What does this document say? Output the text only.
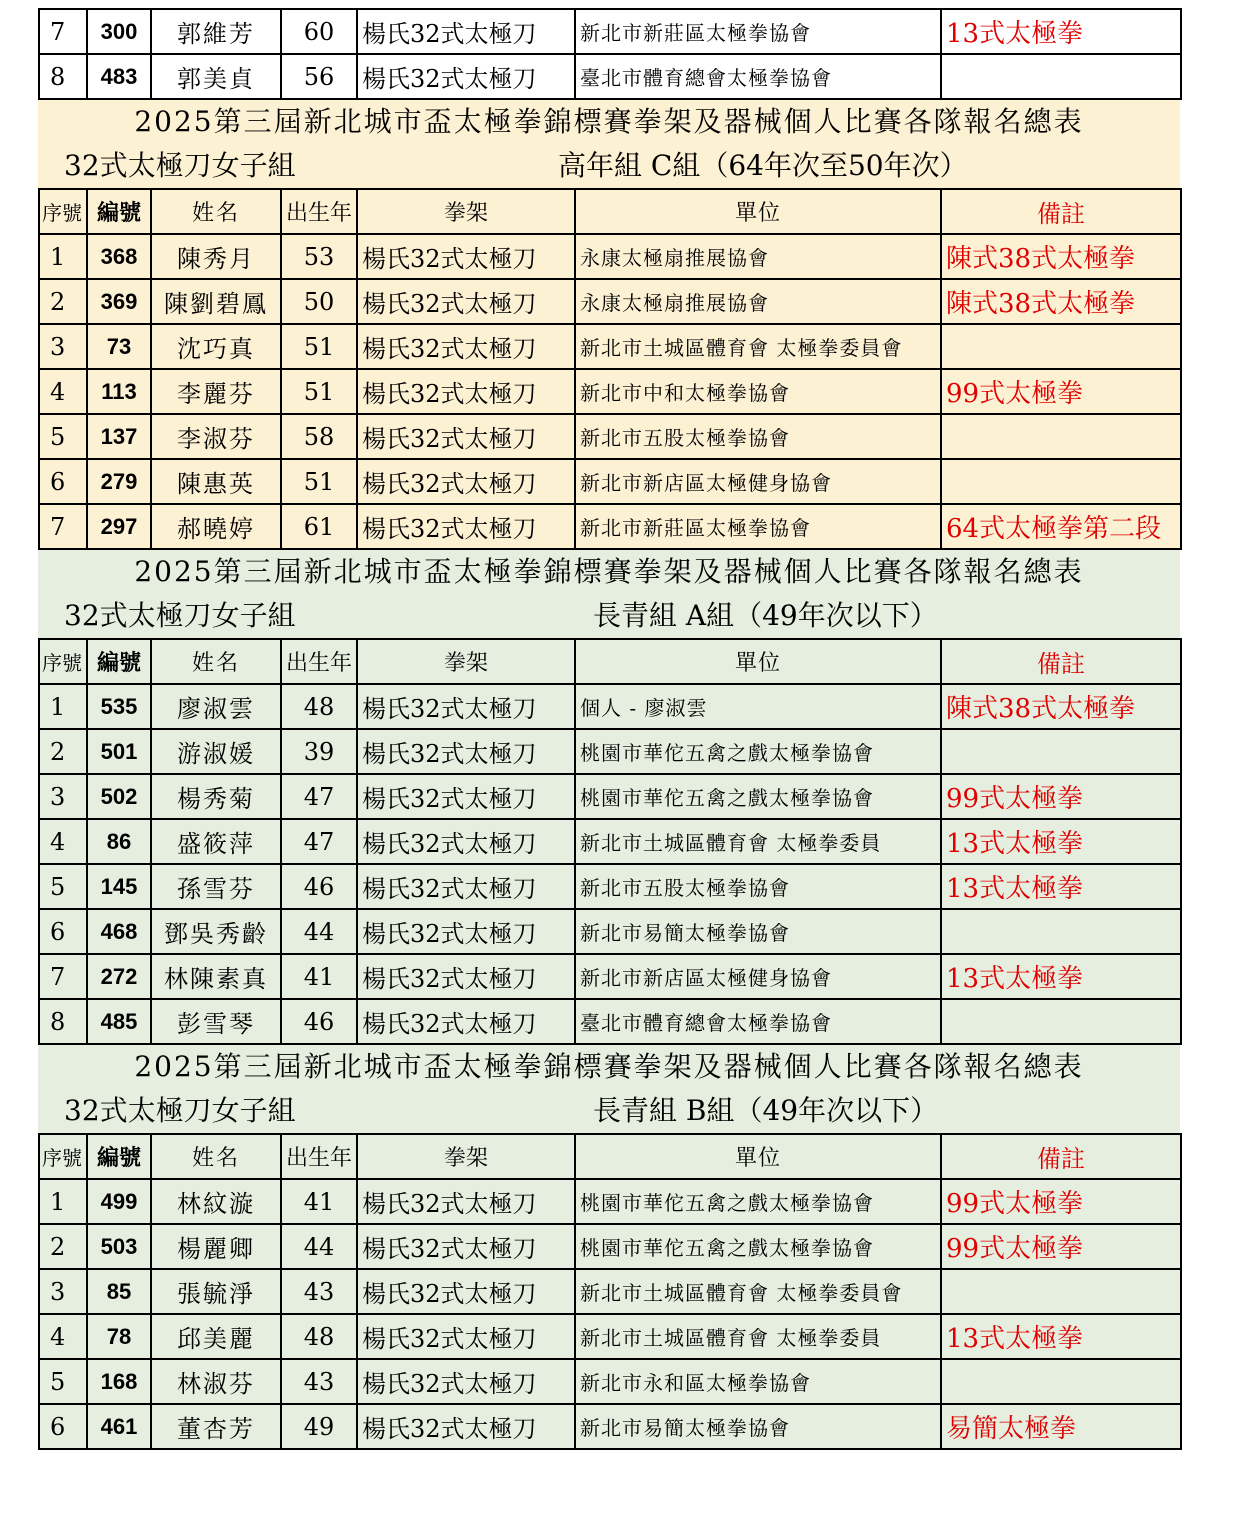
7	300	郭維芳	60	楊氏32式太極刀	新北市新莊區太極拳協會	13式太極拳
8	483	郭美貞	56	楊氏32式太極刀	臺北市體育總會太極拳協會	
2025第三屆新北城市盃太極拳錦標賽拳架及器械個人比賽各隊報名總表
32式太極刀女子組	高年組 C組（64年次至50年次）
序號	編號	姓名	出生年	拳架	單位	備註
1	368	陳秀月	53	楊氏32式太極刀	永康太極扇推展協會	陳式38式太極拳
2	369	陳劉碧鳳	50	楊氏32式太極刀	永康太極扇推展協會	陳式38式太極拳
3	73	沈巧真	51	楊氏32式太極刀	新北市土城區體育會 太極拳委員會	
4	113	李麗芬	51	楊氏32式太極刀	新北市中和太極拳協會	99式太極拳
5	137	李淑芬	58	楊氏32式太極刀	新北市五股太極拳協會	
6	279	陳惠英	51	楊氏32式太極刀	新北市新店區太極健身協會	
7	297	郝曉婷	61	楊氏32式太極刀	新北市新莊區太極拳協會	64式太極拳第二段
2025第三屆新北城市盃太極拳錦標賽拳架及器械個人比賽各隊報名總表
32式太極刀女子組	長青組 A組（49年次以下）
序號	編號	姓名	出生年	拳架	單位	備註
1	535	廖淑雲	48	楊氏32式太極刀	個人 - 廖淑雲	陳式38式太極拳
2	501	游淑媛	39	楊氏32式太極刀	桃園市華佗五禽之戲太極拳協會	
3	502	楊秀菊	47	楊氏32式太極刀	桃園市華佗五禽之戲太極拳協會	99式太極拳
4	86	盛筱萍	47	楊氏32式太極刀	新北市土城區體育會 太極拳委員	13式太極拳
5	145	孫雪芬	46	楊氏32式太極刀	新北市五股太極拳協會	13式太極拳
6	468	鄧吳秀齡	44	楊氏32式太極刀	新北市易簡太極拳協會	
7	272	林陳素真	41	楊氏32式太極刀	新北市新店區太極健身協會	13式太極拳
8	485	彭雪琴	46	楊氏32式太極刀	臺北市體育總會太極拳協會	
2025第三屆新北城市盃太極拳錦標賽拳架及器械個人比賽各隊報名總表
32式太極刀女子組	長青組 B組（49年次以下）
序號	編號	姓名	出生年	拳架	單位	備註
1	499	林紋漩	41	楊氏32式太極刀	桃園市華佗五禽之戲太極拳協會	99式太極拳
2	503	楊麗卿	44	楊氏32式太極刀	桃園市華佗五禽之戲太極拳協會	99式太極拳
3	85	張毓淨	43	楊氏32式太極刀	新北市土城區體育會 太極拳委員會	
4	78	邱美麗	48	楊氏32式太極刀	新北市土城區體育會 太極拳委員	13式太極拳
5	168	林淑芬	43	楊氏32式太極刀	新北市永和區太極拳協會	
6	461	董杏芳	49	楊氏32式太極刀	新北市易簡太極拳協會	易簡太極拳
